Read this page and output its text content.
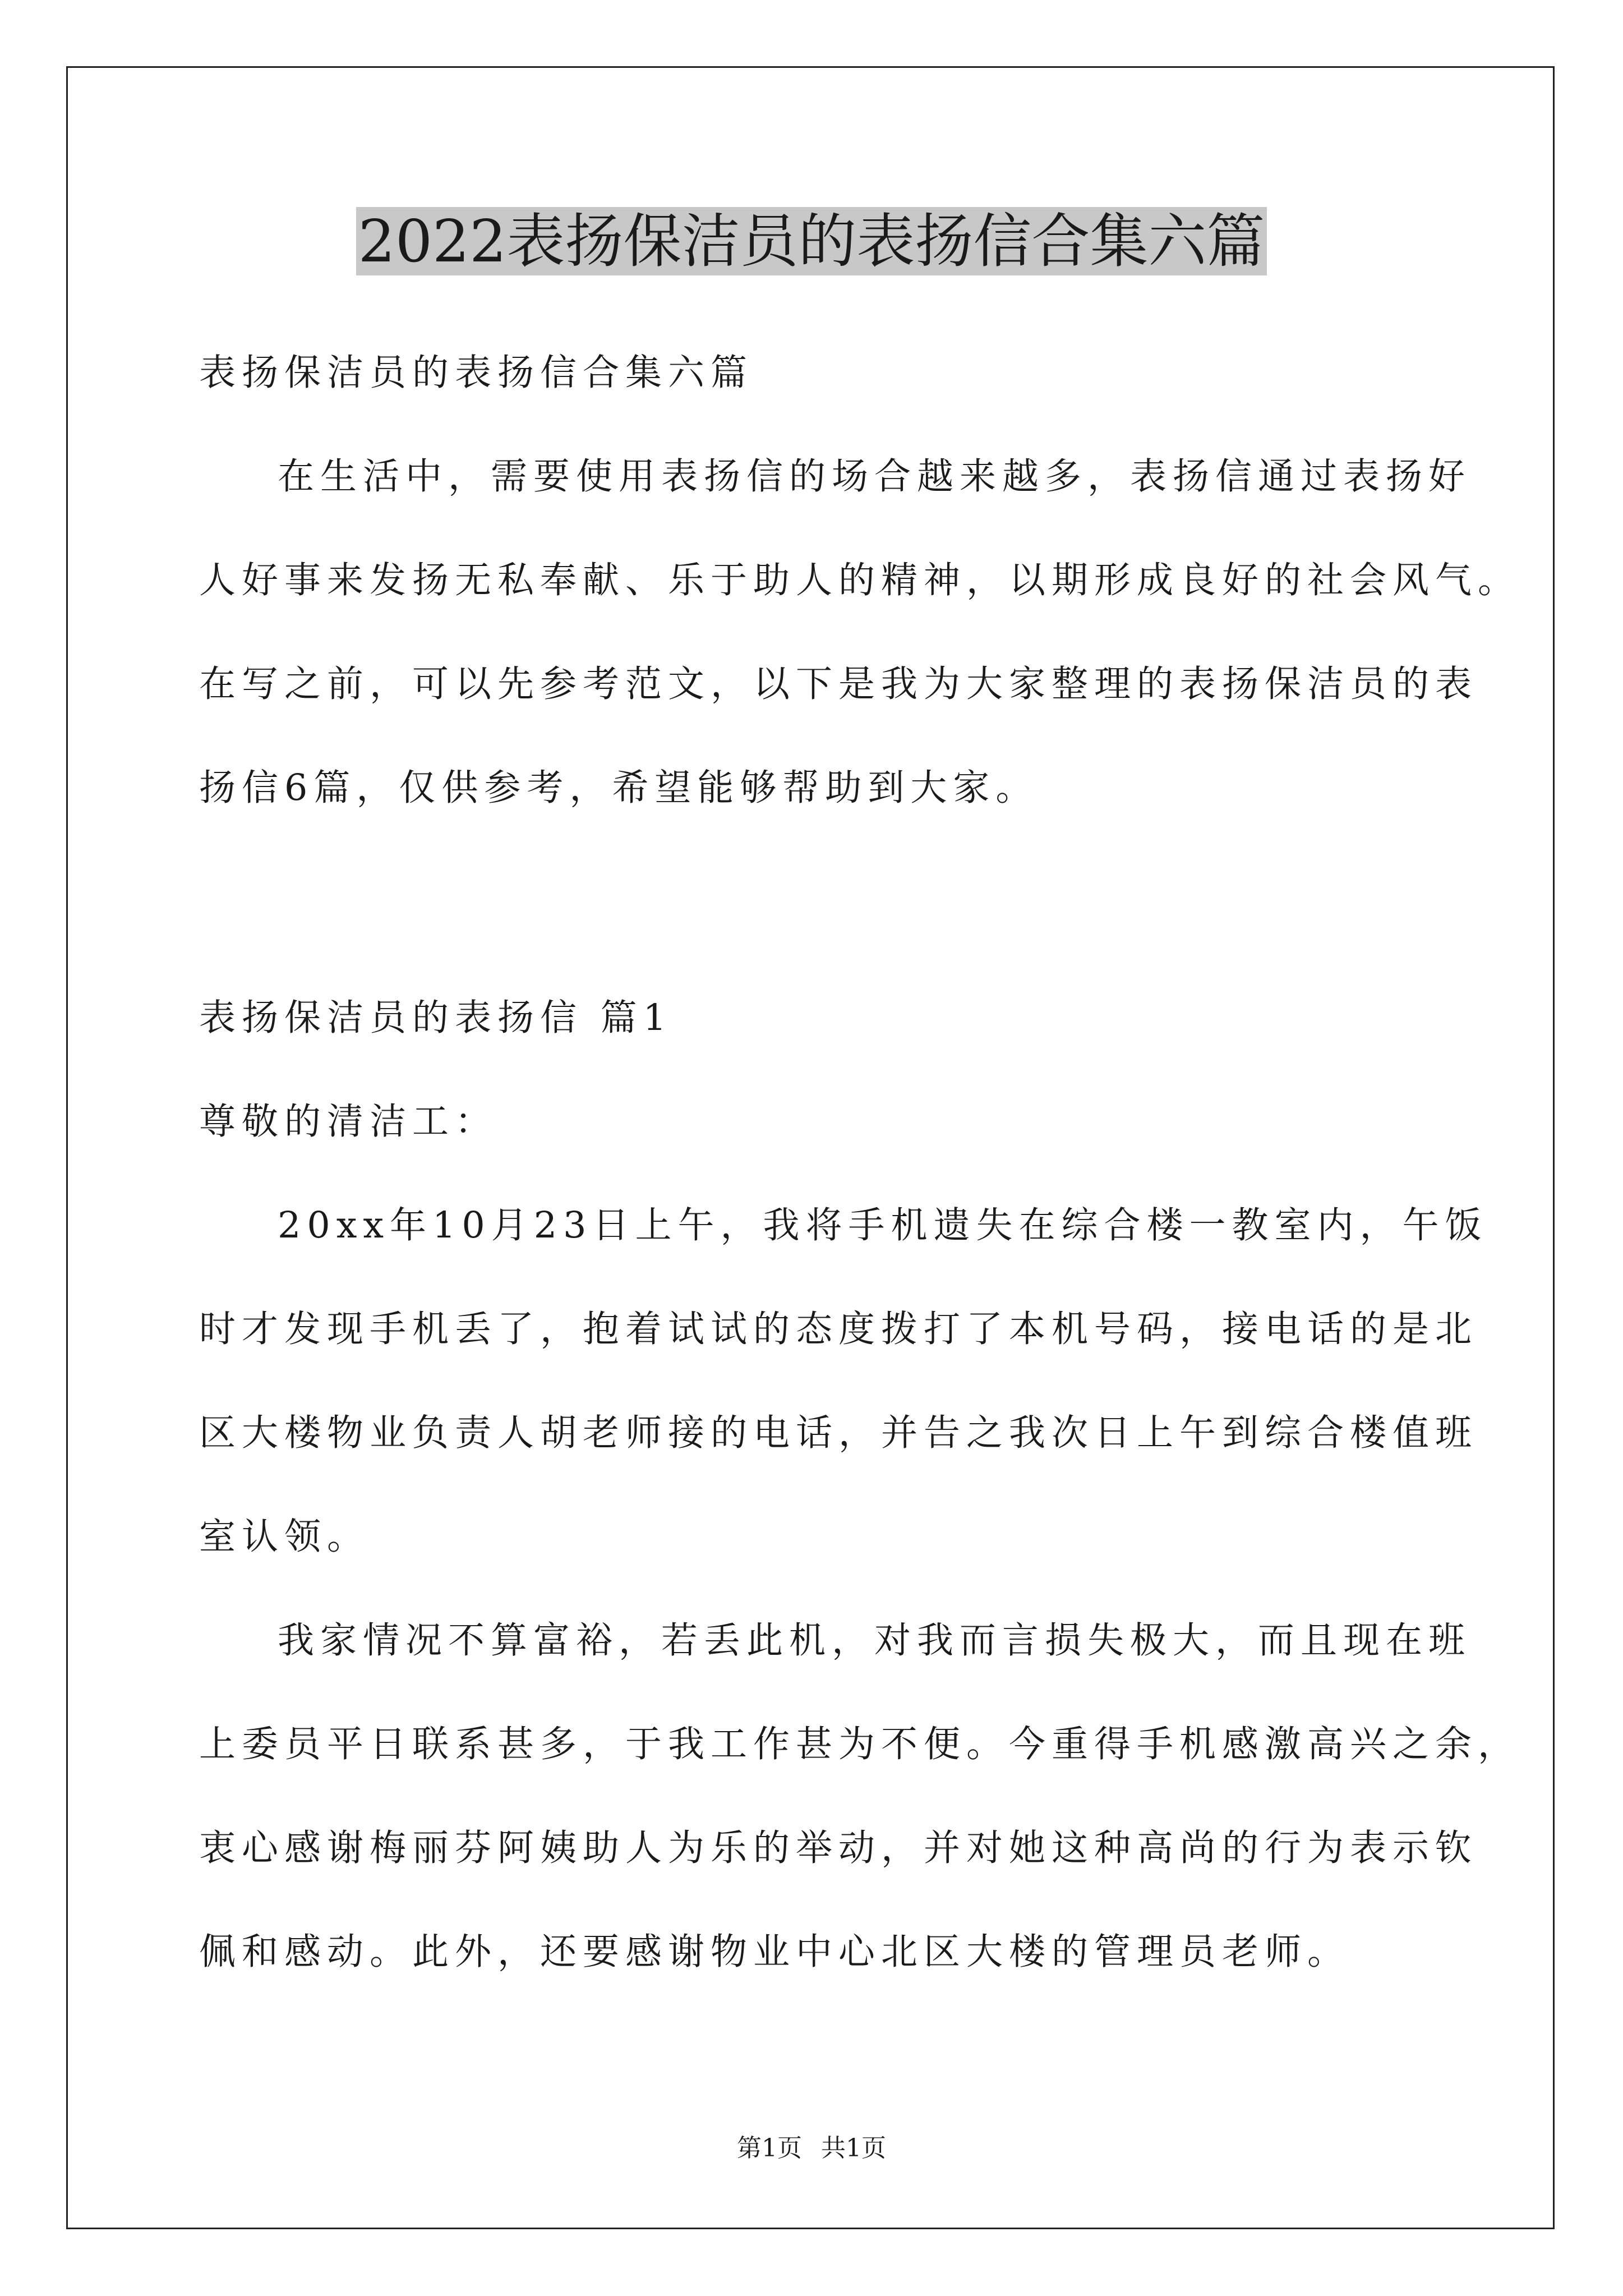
2022表扬保洁员的表扬信合集六篇
表扬保洁员的表扬信合集六篇
在生活中，需要使用表扬信的场合越来越多，表扬信通过表扬好
人好事来发扬无私奉献、乐于助人的精神，以期形成良好的社会风气。
在写之前，可以先参考范文，以下是我为大家整理的表扬保洁员的表
扬信6篇，仅供参考，希望能够帮助到大家。
表扬保洁员的表扬信 篇1
尊敬的清洁工：
20xx年10月23日上午，我将手机遗失在综合楼一教室内，午饭
时才发现手机丢了，抱着试试的态度拨打了本机号码，接电话的是北
区大楼物业负责人胡老师接的电话，并告之我次日上午到综合楼值班
室认领。
我家情况不算富裕，若丢此机，对我而言损失极大，而且现在班
上委员平日联系甚多，于我工作甚为不便。今重得手机感激高兴之余，
衷心感谢梅丽芬阿姨助人为乐的举动，并对她这种高尚的行为表示钦
佩和感动。此外，还要感谢物业中心北区大楼的管理员老师。
第1页 共1页
